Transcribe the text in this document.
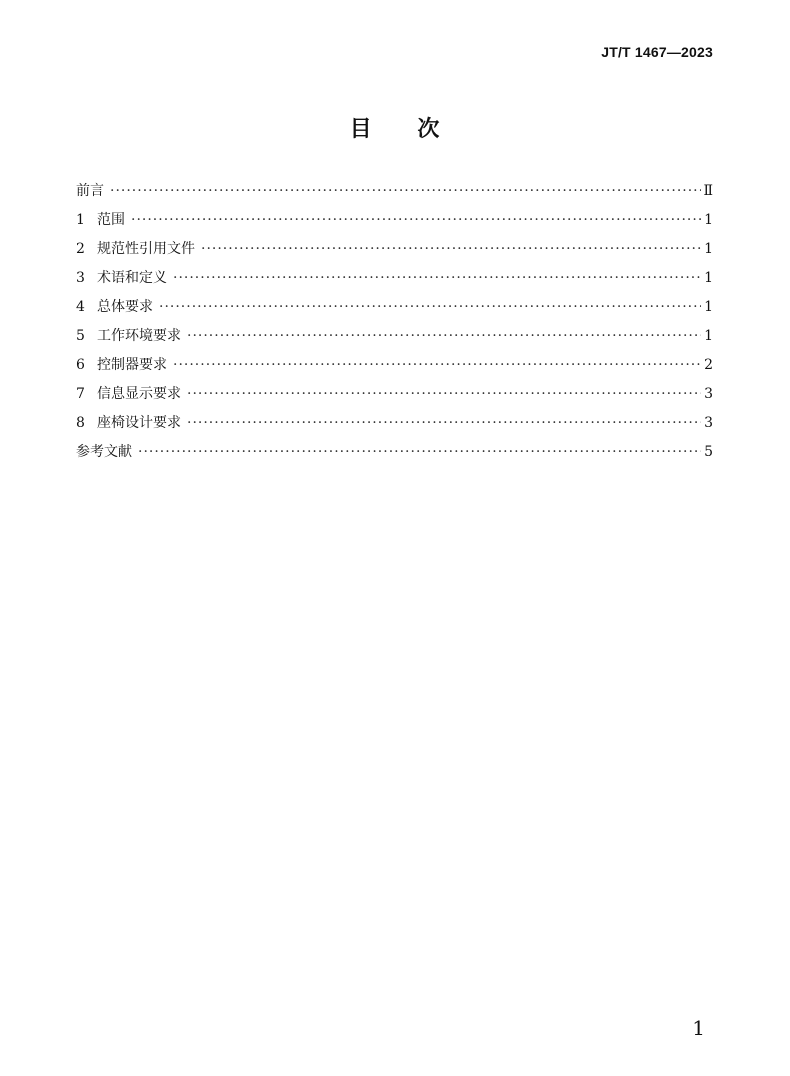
JT/T 1467—2023
目 次
前言 ·····	Ⅱ
1 范围 ·····	1
2 规范性引用文件 ·····	1
3 术语和定义 ·····	1
4 总体要求 ·····	1
5 工作环境要求 ·····	1
6 控制器要求 ·····	2
7 信息显示要求 ·····	3
8 座椅设计要求 ·····	3
参考文献 ·····	5
1
